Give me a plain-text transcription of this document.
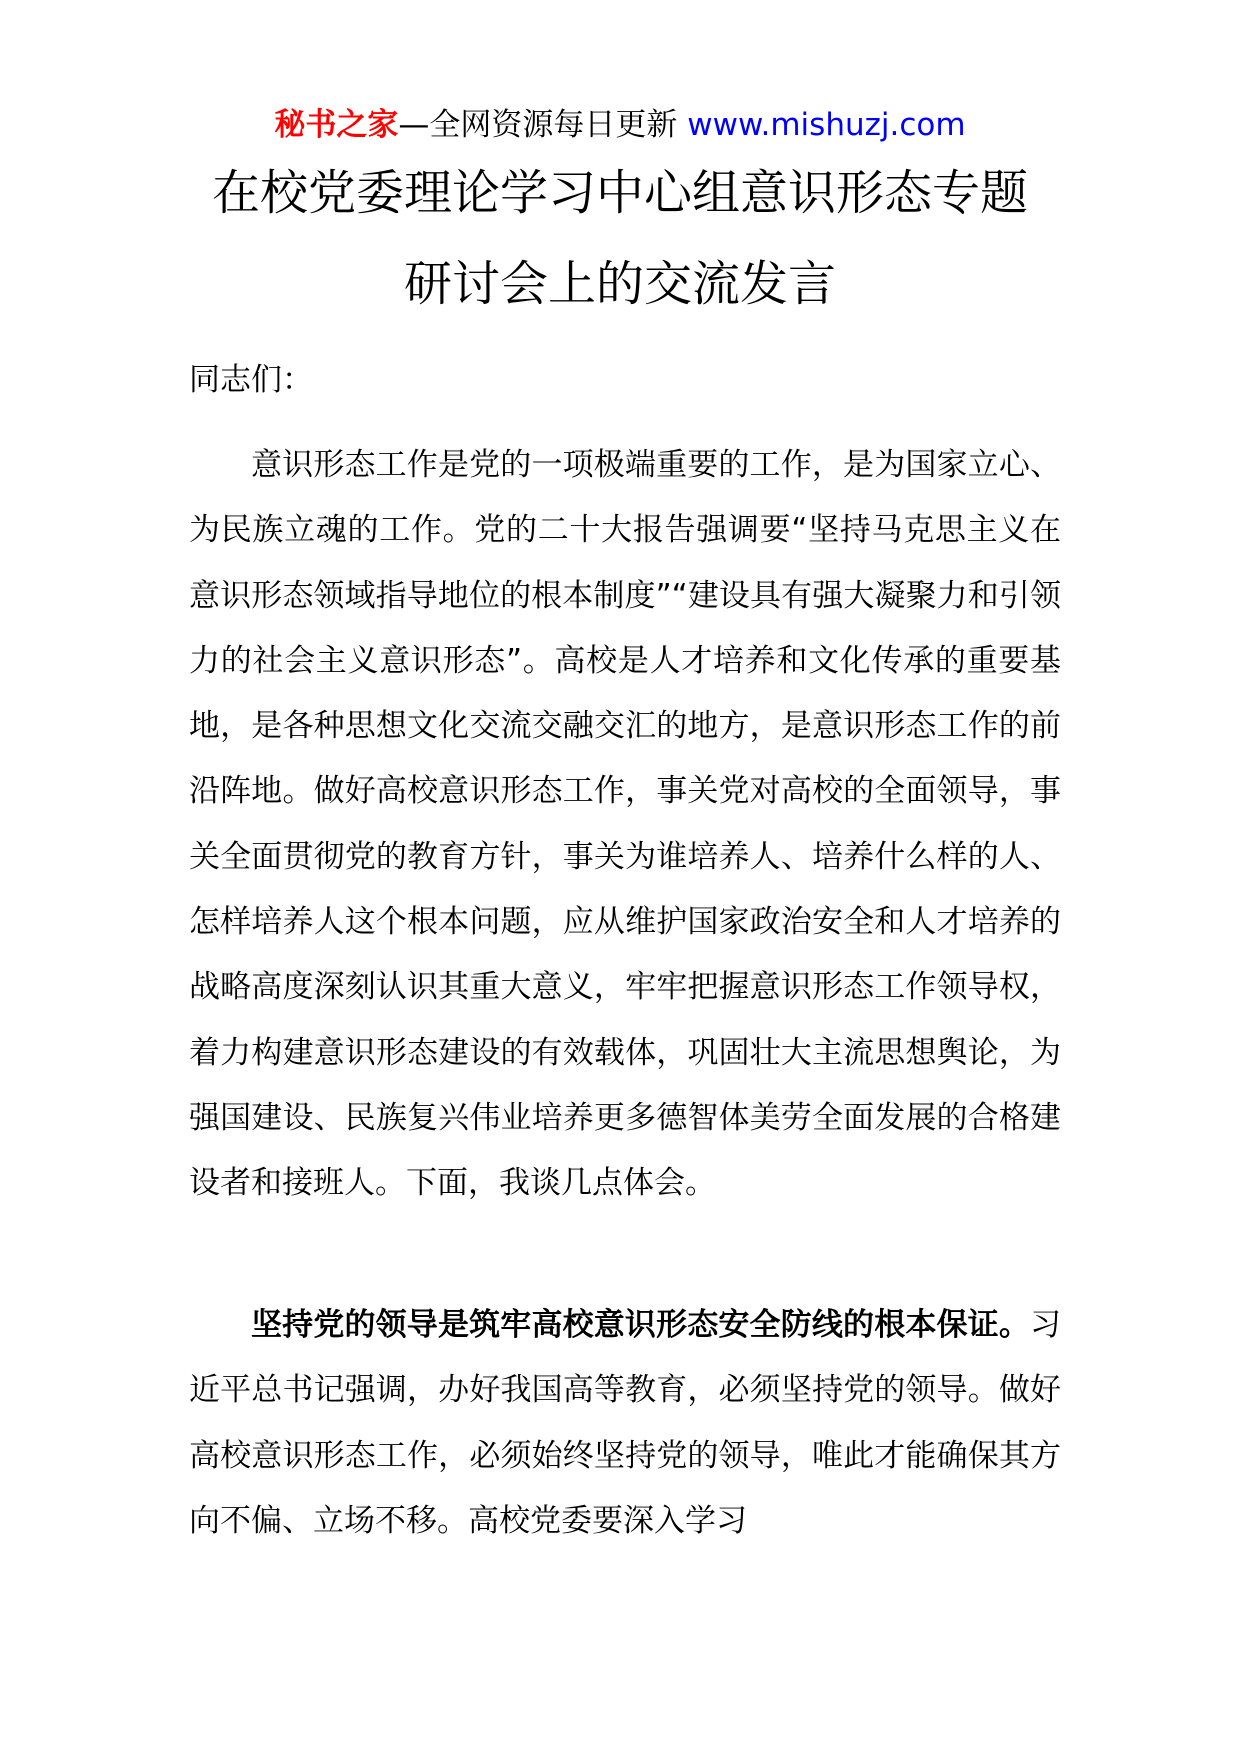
秘书之家—全网资源每日更新 www.mishuzj.com
在校党委理论学习中心组意识形态专题
研讨会上的交流发言
同志们：
意识形态工作是党的一项极端重要的工作，是为国家立心、为民族立魂的工作。党的二十大报告强调要“坚持马克思主义在意识形态领域指导地位的根本制度”“建设具有强大凝聚力和引领力的社会主义意识形态”。高校是人才培养和文化传承的重要基地，是各种思想文化交流交融交汇的地方，是意识形态工作的前沿阵地。做好高校意识形态工作，事关党对高校的全面领导，事关全面贯彻党的教育方针，事关为谁培养人、培养什么样的人、怎样培养人这个根本问题，应从维护国家政治安全和人才培养的战略高度深刻认识其重大意义，牢牢把握意识形态工作领导权，着力构建意识形态建设的有效载体，巩固壮大主流思想舆论，为强国建设、民族复兴伟业培养更多德智体美劳全面发展的合格建设者和接班人。下面，我谈几点体会。
坚持党的领导是筑牢高校意识形态安全防线的根本保证。习近平总书记强调，办好我国高等教育，必须坚持党的领导。做好高校意识形态工作，必须始终坚持党的领导，唯此才能确保其方向不偏、立场不移。高校党委要深入学习
